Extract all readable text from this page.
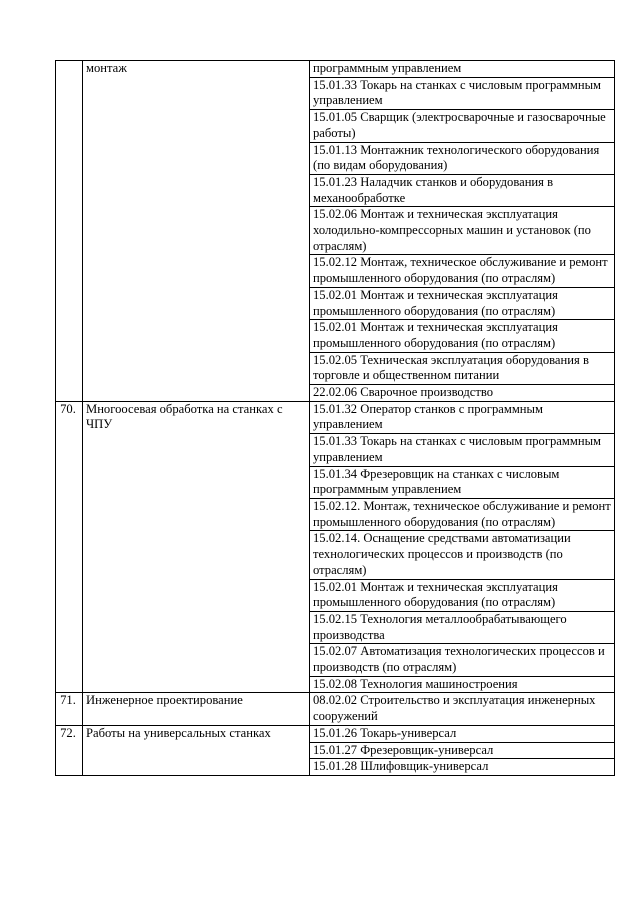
	монтаж	программным управлением
		15.01.33 Токарь на станках с числовым программным управлением
		15.01.05 Сварщик (электросварочные и газосварочные работы)
		15.01.13 Монтажник технологического оборудования (по видам оборудования)
		15.01.23 Наладчик станков и оборудования в механообработке
		15.02.06 Монтаж и техническая эксплуатация холодильно-компрессорных машин и установок (по отраслям)
		15.02.12 Монтаж, техническое обслуживание и ремонт промышленного оборудования (по отраслям)
		15.02.01 Монтаж и техническая эксплуатация промышленного оборудования (по отраслям)
		15.02.01 Монтаж и техническая эксплуатация промышленного оборудования (по отраслям)
		15.02.05 Техническая эксплуатация оборудования в торговле и общественном питании
		22.02.06 Сварочное производство
70.	Многоосевая обработка на станках с ЧПУ	15.01.32 Оператор станков с программным управлением
		15.01.33 Токарь на станках с числовым программным управлением
		15.01.34 Фрезеровщик на станках с числовым программным управлением
		15.02.12. Монтаж, техническое обслуживание и ремонт промышленного оборудования (по отраслям)
		15.02.14. Оснащение средствами автоматизации технологических процессов и производств (по отраслям)
		15.02.01 Монтаж и техническая эксплуатация промышленного оборудования (по отраслям)
		15.02.15 Технология металлообрабатывающего производства
		15.02.07 Автоматизация технологических процессов и производств (по отраслям)
		15.02.08 Технология машиностроения
71.	Инженерное проектирование	08.02.02 Строительство и эксплуатация инженерных сооружений
72.	Работы на универсальных станках	15.01.26 Токарь-универсал
		15.01.27 Фрезеровщик-универсал
		15.01.28 Шлифовщик-универсал
